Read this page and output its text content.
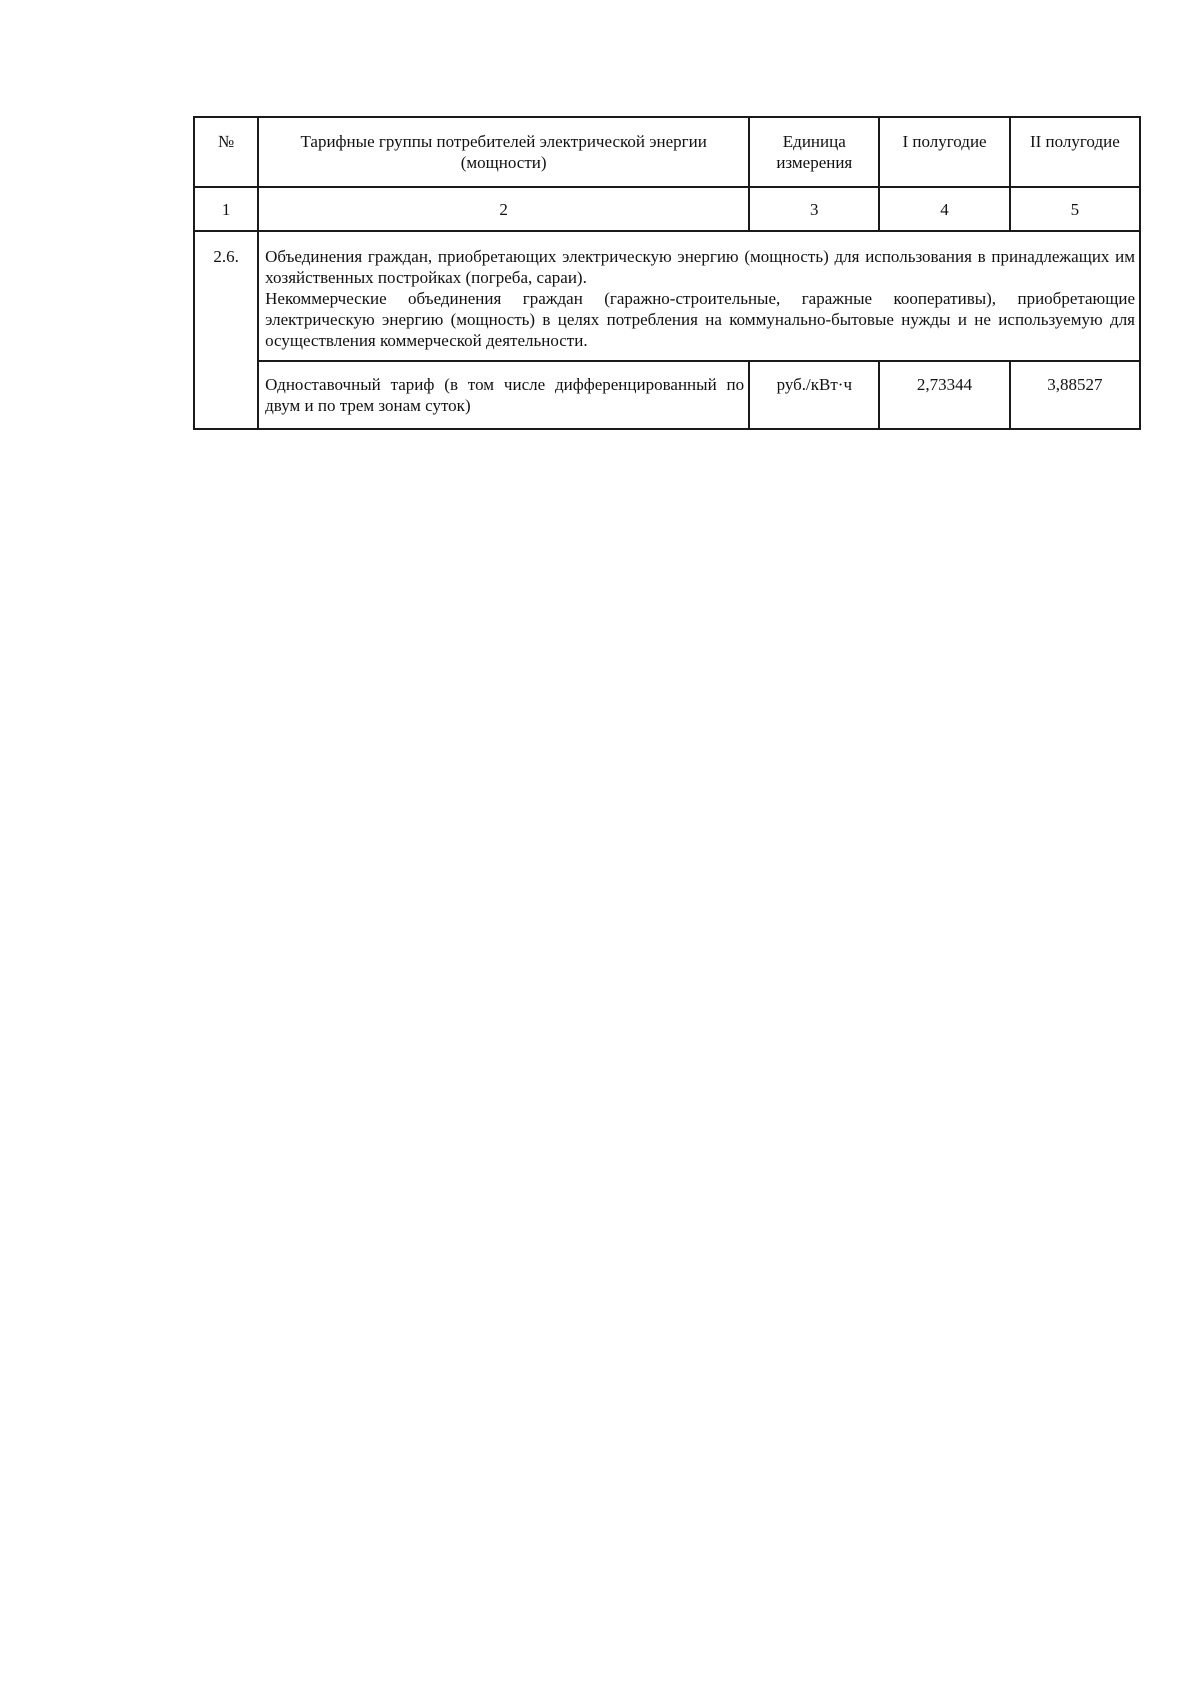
№	Тарифные группы потребителей электрической энергии (мощности)	Единица измерения	I полугодие	II полугодие
1	2	3	4	5
2.6.	Объединения граждан, приобретающих электрическую энергию (мощность) для использования в принадлежащих им хозяйственных постройках (погреба, сараи).

Некоммерческие объединения граждан (гаражно-строительные, гаражные кооперативы), приобретающие электрическую энергию (мощность) в целях потребления на коммунально-бытовые нужды и не используемую для осуществления коммерческой деятельности.			

	Одноставочный тариф (в том числе дифференцированный по двум и по трем зонам суток)	руб./кВт·ч	2,73344	3,88527
